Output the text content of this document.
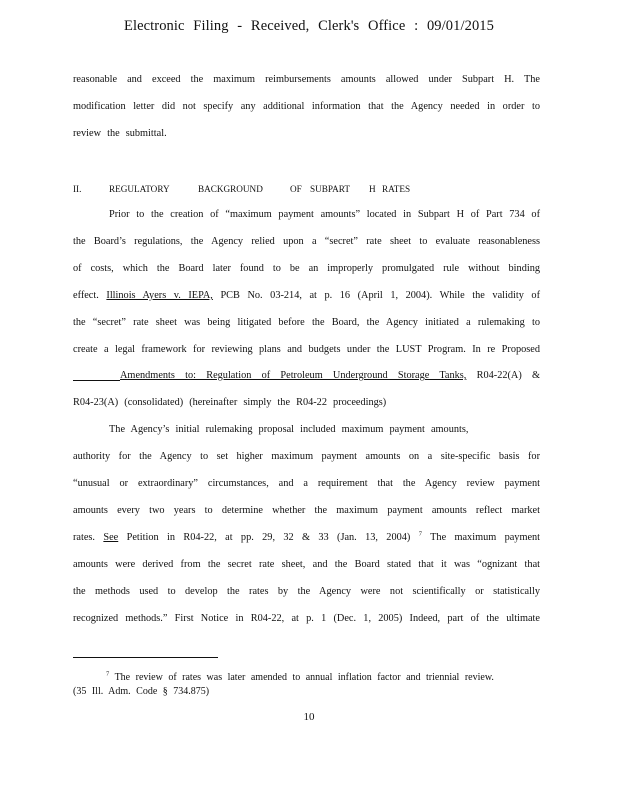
Electronic Filing - Received, Clerk's Office : 09/01/2015
reasonable and exceed the maximum reimbursements amounts allowed under Subpart H. The
modification letter did not specify any additional information that the Agency needed in order to
review the submittal.
II.	REGULATORY	BACKGROUND	OF SUBPART H RATES
Prior to the creation of “maximum payment amounts” located in Subpart H of Part 734 of
the Board’s regulations, the Agency relied upon a “secret” rate sheet to evaluate reasonableness
of costs, which the Board later found to be an improperly promulgated rule without binding
effect. Illinois Ayers v. IEPA, PCB No. 03-214, at p. 16 (April 1, 2004). While the validity of
the “secret” rate sheet was being litigated before the Board, the Agency initiated a rulemaking to
create a legal framework for reviewing plans and budgets under the LUST Program. In re Proposed
Amendments to: Regulation of Petroleum Underground Storage Tanks, R04-22(A) &
R04-23(A) (consolidated) (hereinafter simply the R04-22 proceedings)
The Agency’s initial rulemaking proposal included maximum payment amounts,
authority for the Agency to set higher maximum payment amounts on a site-specific basis for
“unusual or extraordinary” circumstances, and a requirement that the Agency review payment
amounts every two years to determine whether the maximum payment amounts reflect market
rates. See Petition in R04-22, at pp. 29, 32 & 33 (Jan. 13, 2004) $^7$ The maximum payment
amounts were derived from the secret rate sheet, and the Board stated that it was “ognizant that
the methods used to develop the rates by the Agency were not scientifically or statistically
recognized methods.” First Notice in R04-22, at p. 1 (Dec. 1, 2005) Indeed, part of the ultimate
$^7$ The review of rates was later amended to annual inflation factor and triennial review.
(35 Ill. Adm. Code § 734.875)
10
